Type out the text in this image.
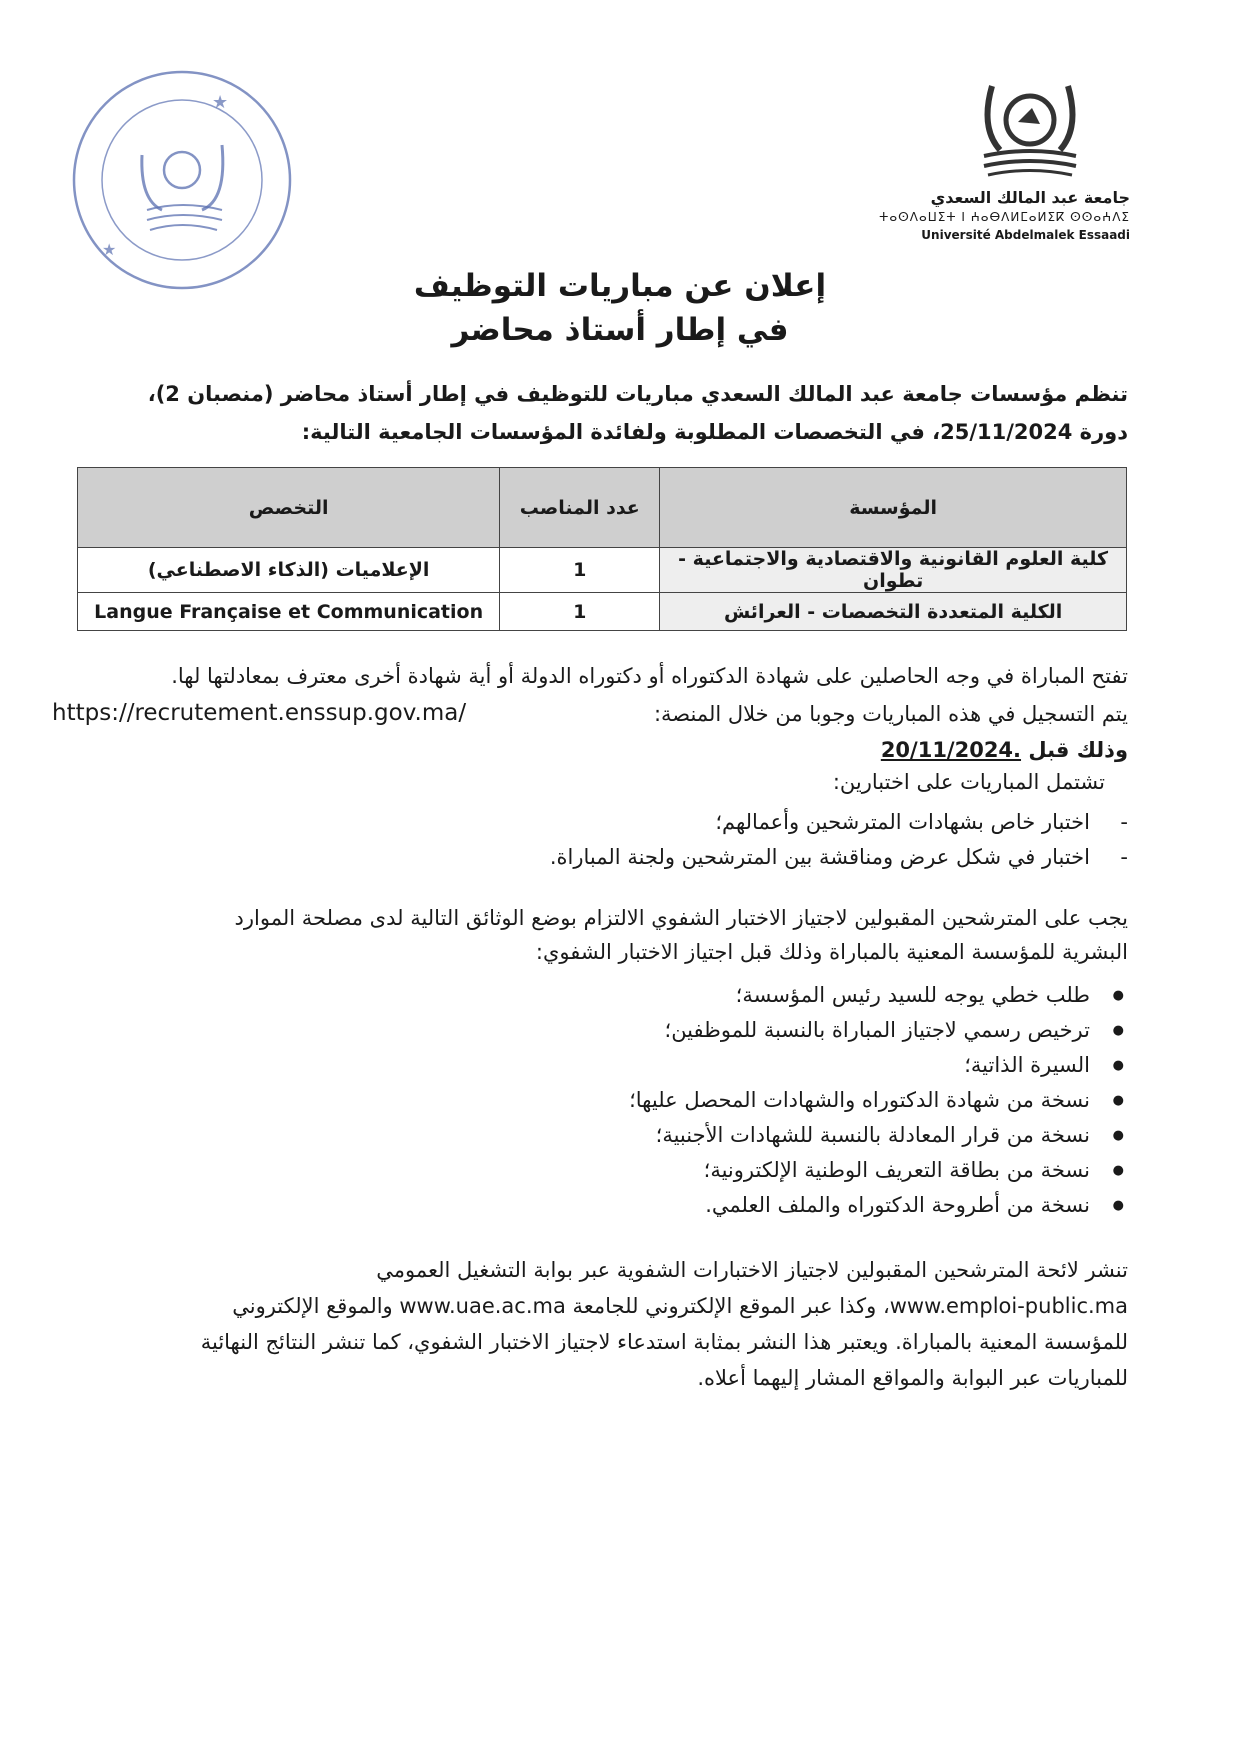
★
★
جامعة عبد المالك السعدي
ⵜⴰⵙⴷⴰⵡⵉⵜ ⵏ ⵄⴰⴱⴷⵍⵎⴰⵍⵉⴽ ⵙⵙⴰⵄⴷⵉ
Université Abdelmalek Essaadi
إعلان عن مباريات التوظيف
في إطار أستاذ محاضر
تنظم مؤسسات جامعة عبد المالك السعدي مباريات للتوظيف في إطار أستاذ محاضر (منصبان 2)،
دورة 25/11/2024، في التخصصات المطلوبة ولفائدة المؤسسات الجامعية التالية:
المؤسسة	عدد المناصب	التخصص
كلية العلوم القانونية والاقتصادية والاجتماعية - تطوان	1	الإعلاميات (الذكاء الاصطناعي)
الكلية المتعددة التخصصات - العرائش	1	Langue Française et Communication
تفتح المباراة في وجه الحاصلين على شهادة الدكتوراه أو دكتوراه الدولة أو أية شهادة أخرى معترف بمعادلتها لها.
يتم التسجيل في هذه المباريات وجوبا من خلال المنصة:
https://recrutement.enssup.gov.ma/
وذلك قبل 20/11/2024.
تشتمل المباريات على اختبارين:
- اختبار خاص بشهادات المترشحين وأعمالهم؛
- اختبار في شكل عرض ومناقشة بين المترشحين ولجنة المباراة.
يجب على المترشحين المقبولين لاجتياز الاختبار الشفوي الالتزام بوضع الوثائق التالية لدى مصلحة الموارد
البشرية للمؤسسة المعنية بالمباراة وذلك قبل اجتياز الاختبار الشفوي:
● طلب خطي يوجه للسيد رئيس المؤسسة؛
● ترخيص رسمي لاجتياز المباراة بالنسبة للموظفين؛
● السيرة الذاتية؛
● نسخة من شهادة الدكتوراه والشهادات المحصل عليها؛
● نسخة من قرار المعادلة بالنسبة للشهادات الأجنبية؛
● نسخة من بطاقة التعريف الوطنية الإلكترونية؛
● نسخة من أطروحة الدكتوراه والملف العلمي.
تنشر لائحة المترشحين المقبولين لاجتياز الاختبارات الشفوية عبر بوابة التشغيل العمومي
www.emploi-public.ma، وكذا عبر الموقع الإلكتروني للجامعة www.uae.ac.ma والموقع الإلكتروني
للمؤسسة المعنية بالمباراة. ويعتبر هذا النشر بمثابة استدعاء لاجتياز الاختبار الشفوي، كما تنشر النتائج النهائية
للمباريات عبر البوابة والمواقع المشار إليهما أعلاه.
